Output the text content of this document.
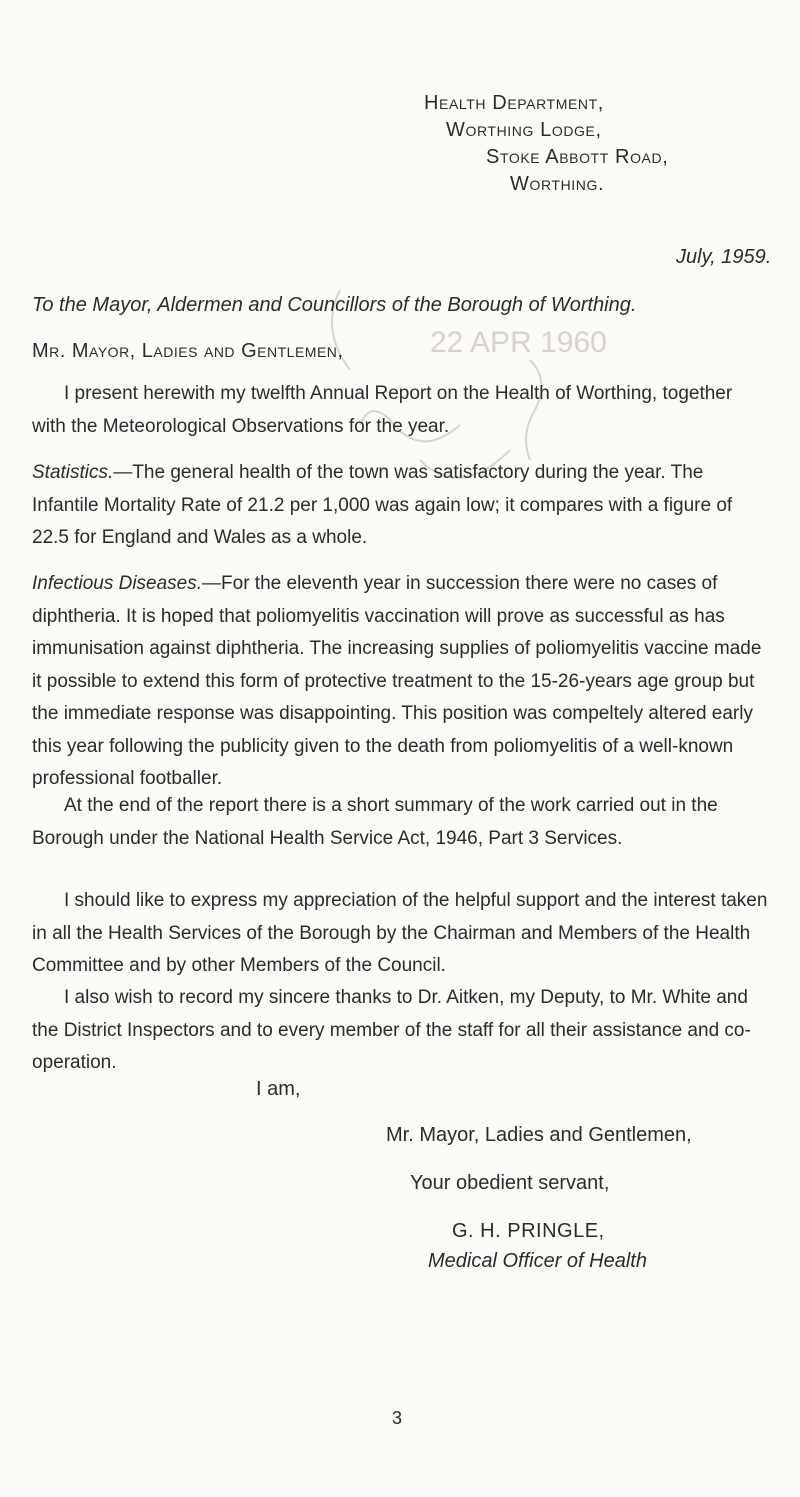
Health Department,
Worthing Lodge,
Stoke Abbott Road,
Worthing.
July, 1959.
22 APR 1960
To the Mayor, Aldermen and Councillors of the Borough of Worthing.
Mr. Mayor, Ladies and Gentlemen,

I present herewith my twelfth Annual Report on the Health of Worthing, together with the Meteorological Observations for the year.

Statistics.—The general health of the town was satisfactory during the year. The Infantile Mortality Rate of 21.2 per 1,000 was again low; it compares with a figure of 22.5 for England and Wales as a whole.

Infectious Diseases.—For the eleventh year in succession there were no cases of diphtheria. It is hoped that poliomyelitis vaccination will prove as successful as has immunisation against diphtheria. The increasing supplies of poliomyelitis vaccine made it possible to extend this form of protective treatment to the 15-26-years age group but the immediate response was disappointing. This position was compeltely altered early this year following the publicity given to the death from poliomyelitis of a well-known professional footballer.

At the end of the report there is a short summary of the work carried out in the Borough under the National Health Service Act, 1946, Part 3 Services.

I should like to express my appreciation of the helpful support and the interest taken in all the Health Services of the Borough by the Chairman and Members of the Health Committee and by other Members of the Council.

I also wish to record my sincere thanks to Dr. Aitken, my Deputy, to Mr. White and the District Inspectors and to every member of the staff for all their assistance and co-operation.

I am,
Mr. Mayor, Ladies and Gentlemen,
Your obedient servant,
G. H. PRINGLE,
Medical Officer of Health
3
